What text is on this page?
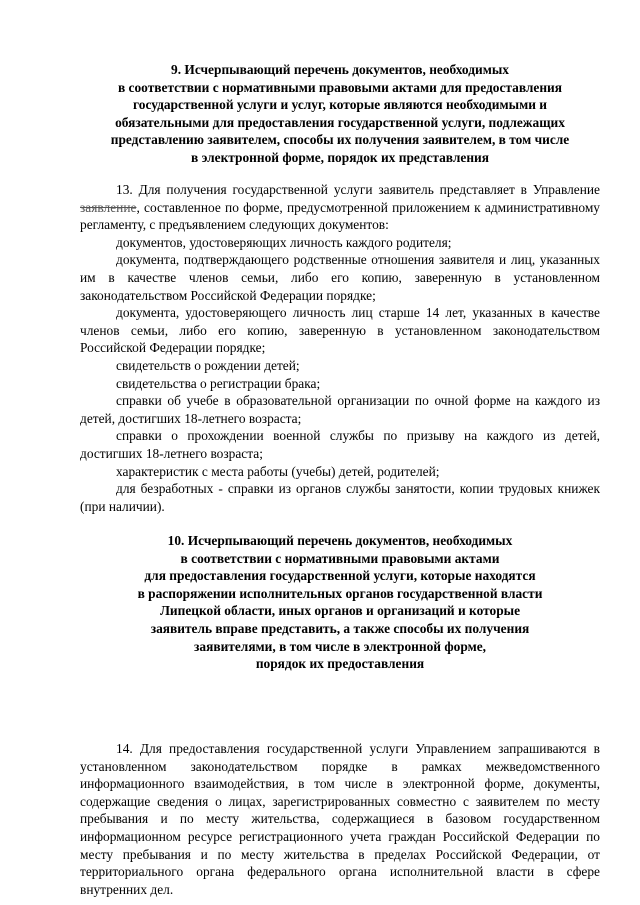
9. Исчерпывающий перечень документов, необходимых
в соответствии с нормативными правовыми актами для предоставления
государственной услуги и услуг, которые являются необходимыми и
обязательными для предоставления государственной услуги, подлежащих
представлению заявителем, способы их получения заявителем, в том числе
в электронной форме, порядок их представления

13. Для получения государственной услуги заявитель представляет в Управление заявление, составленное по форме, предусмотренной приложением к административному регламенту, с предъявлением следующих документов:

документов, удостоверяющих личность каждого родителя;

документа, подтверждающего родственные отношения заявителя и лиц, указанных им в качестве членов семьи, либо его копию, заверенную в установленном законодательством Российской Федерации порядке;

документа, удостоверяющего личность лиц старше 14 лет, указанных в качестве членов семьи, либо его копию, заверенную в установленном законодательством Российской Федерации порядке;

свидетельств о рождении детей;

свидетельства о регистрации брака;

справки об учебе в образовательной организации по очной форме на каждого из детей, достигших 18-летнего возраста;

справки о прохождении военной службы по призыву на каждого из детей, достигших 18-летнего возраста;

характеристик с места работы (учебы) детей, родителей;

для безработных - справки из органов службы занятости, копии трудовых книжек (при наличии).

10. Исчерпывающий перечень документов, необходимых
в соответствии с нормативными правовыми актами
для предоставления государственной услуги, которые находятся
в распоряжении исполнительных органов государственной власти
Липецкой области, иных органов и организаций и которые
заявитель вправе представить, а также способы их получения
заявителями, в том числе в электронной форме,
порядок их предоставления

14. Для предоставления государственной услуги Управлением запрашиваются в установленном законодательством порядке в рамках межведомственного информационного взаимодействия, в том числе в электронной форме, документы, содержащие сведения о лицах, зарегистрированных совместно с заявителем по месту пребывания и по месту жительства, содержащиеся в базовом государственном информационном ресурсе регистрационного учета граждан Российской Федерации по месту пребывания и по месту жительства в пределах Российской Федерации, от территориального органа федерального органа исполнительной власти в сфере внутренних дел.
